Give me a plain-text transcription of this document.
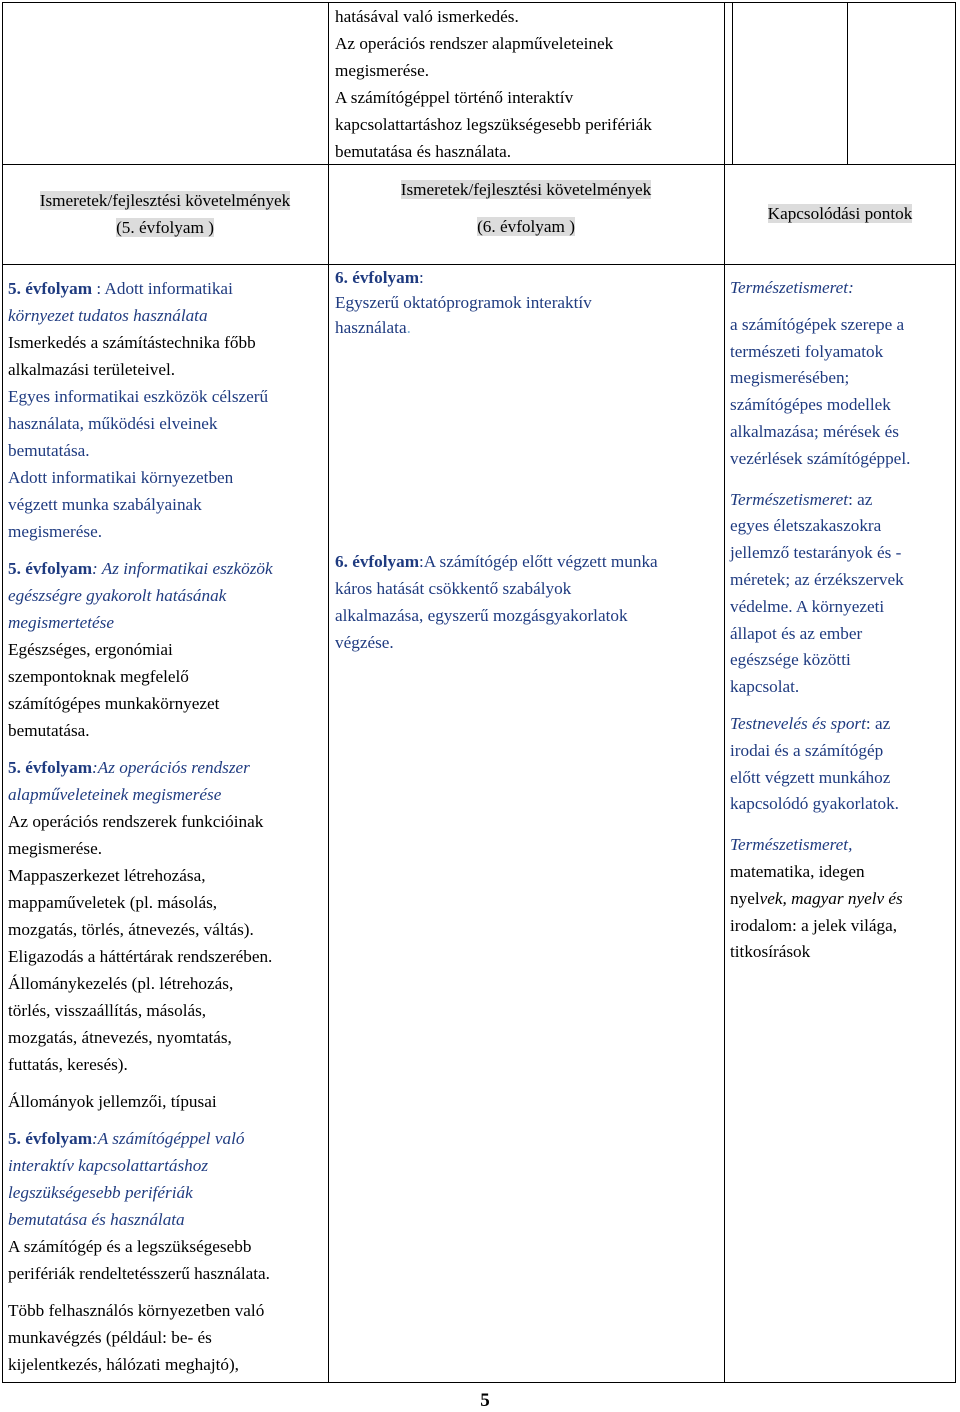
hatásával való ismerkedés.

Az operációs rendszer alapműveleteinek

megismerése.

A számítógéppel történő interaktív

kapcsolattartáshoz legszükségesebb perifériák

bemutatása és használata.

Ismeretek/fejlesztési követelmények
(5. évfolyam )
Ismeretek/fejlesztési követelmények
(6. évfolyam )
Kapcsolódási pontok

5. évfolyam : Adott informatikai

környezet tudatos használata

Ismerkedés a számítástechnika főbb

alkalmazási területeivel.

Egyes informatikai eszközök célszerű

használata, működési elveinek

bemutatása.

Adott informatikai környezetben

végzett munka szabályainak

megismerése.

5. évfolyam: Az informatikai eszközök

egészségre gyakorolt hatásának

megismertetése

Egészséges, ergonómiai

szempontoknak megfelelő

számítógépes munkakörnyezet

bemutatása.

5. évfolyam:Az operációs rendszer

alapműveleteinek megismerése

Az operációs rendszerek funkcióinak

megismerése.

Mappaszerkezet létrehozása,

mappaműveletek (pl. másolás,

mozgatás, törlés, átnevezés, váltás).

Eligazodás a háttértárak rendszerében.

Állománykezelés (pl. létrehozás,

törlés, visszaállítás, másolás,

mozgatás, átnevezés, nyomtatás,

futtatás, keresés).

Állományok jellemzői, típusai

5. évfolyam:A számítógéppel való

interaktív kapcsolattartáshoz

legszükségesebb perifériák

bemutatása és használata

A számítógép és a legszükségesebb

perifériák rendeltetésszerű használata.

Több felhasználós környezetben való

munkavégzés (például: be- és

kijelentkezés, hálózati meghajtó),

6. évfolyam:

Egyszerű oktatóprogramok interaktív

használata.

6. évfolyam:A számítógép előtt végzett munka

káros hatását csökkentő szabályok

alkalmazása, egyszerű mozgásgyakorlatok

végzése.

Természetismeret:

a számítógépek szerepe a

természeti folyamatok

megismerésében;

számítógépes modellek

alkalmazása; mérések és

vezérlések számítógéppel.

Természetismeret: az

egyes életszakaszokra

jellemző testarányok és -

méretek; az érzékszervek

védelme. A környezeti

állapot és az ember

egészsége közötti

kapcsolat.

Testnevelés és sport: az

irodai és a számítógép

előtt végzett munkához

kapcsolódó gyakorlatok.

Természetismeret,

matematika, idegen

nyelvek, magyar nyelv és

irodalom: a jelek világa,

titkosírások

5
